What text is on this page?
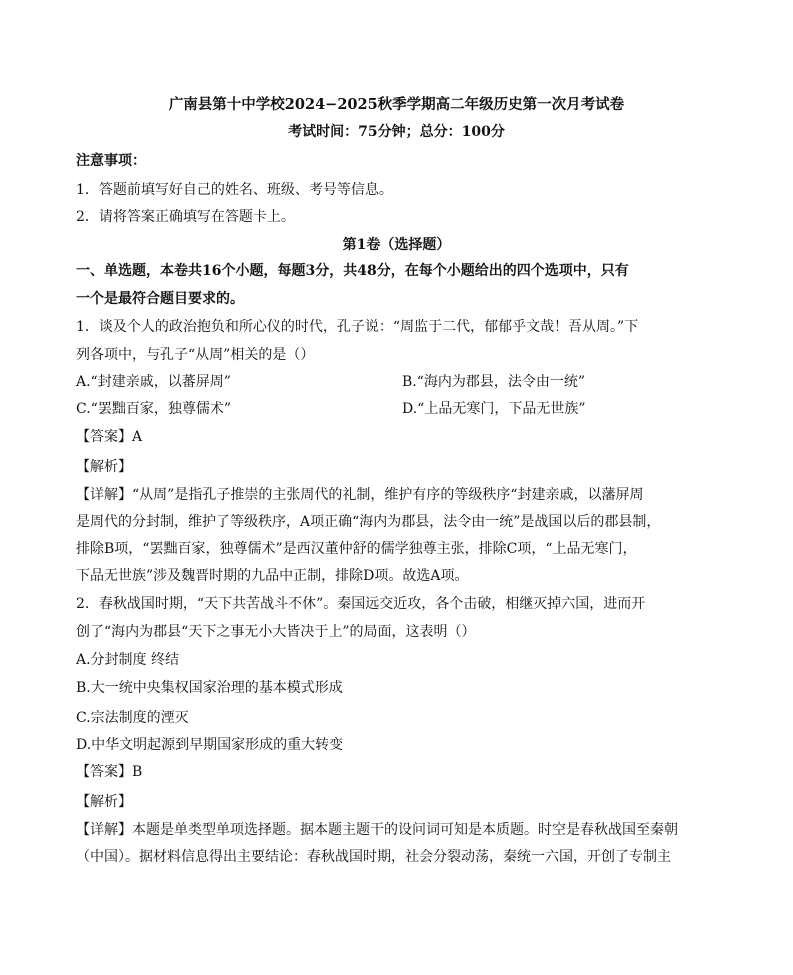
广南县第十中学校2024−2025秋季学期高二年级历史第一次月考试卷
考试时间：75分钟；总分：100分
注意事项：
1．答题前填写好自己的姓名、班级、考号等信息。
2．请将答案正确填写在答题卡上。
第1卷（选择题）
一、单选题，本卷共16个小题，每题3分，共48分，在每个小题给出的四个选项中，只有
一个是最符合题目要求的。
1．谈及个人的政治抱负和所心仪的时代，孔子说：“周监于二代，郁郁乎文哉！吾从周。”下
列各项中，与孔子“从周”相关的是（）
A.“封建亲戚，以蕃屏周”	B.“海内为郡县，法令由一统”
C.“罢黜百家，独尊儒术”	D.“上品无寒门，下品无世族”
【答案】A
【解析】
【详解】“从周”是指孔子推崇的主张周代的礼制，维护有序的等级秩序“封建亲戚，以藩屏周
是周代的分封制，维护了等级秩序，A项正确“海内为郡县，法令由一统”是战国以后的郡县制，
排除B项，“罢黜百家，独尊儒术”是西汉董仲舒的儒学独尊主张，排除C项，“上品无寒门，
下品无世族”涉及魏晋时期的九品中正制，排除D项。故选A项。
2．春秋战国时期，“天下共苦战斗不休”。秦国远交近攻，各个击破，相继灭掉六国，进而开
创了“海内为郡县“天下之事无小大皆决于上”的局面，这表明（）
A.分封制度 终结
B.大一统中央集权国家治理的基本模式形成
C.宗法制度的湮灭
D.中华文明起源到早期国家形成的重大转变
【答案】B
【解析】
【详解】本题是单类型单项选择题。据本题主题干的设问词可知是本质题。时空是春秋战国至秦朝
（中国）。据材料信息得出主要结论：春秋战国时期，社会分裂动荡，秦统一六国，开创了专制主
